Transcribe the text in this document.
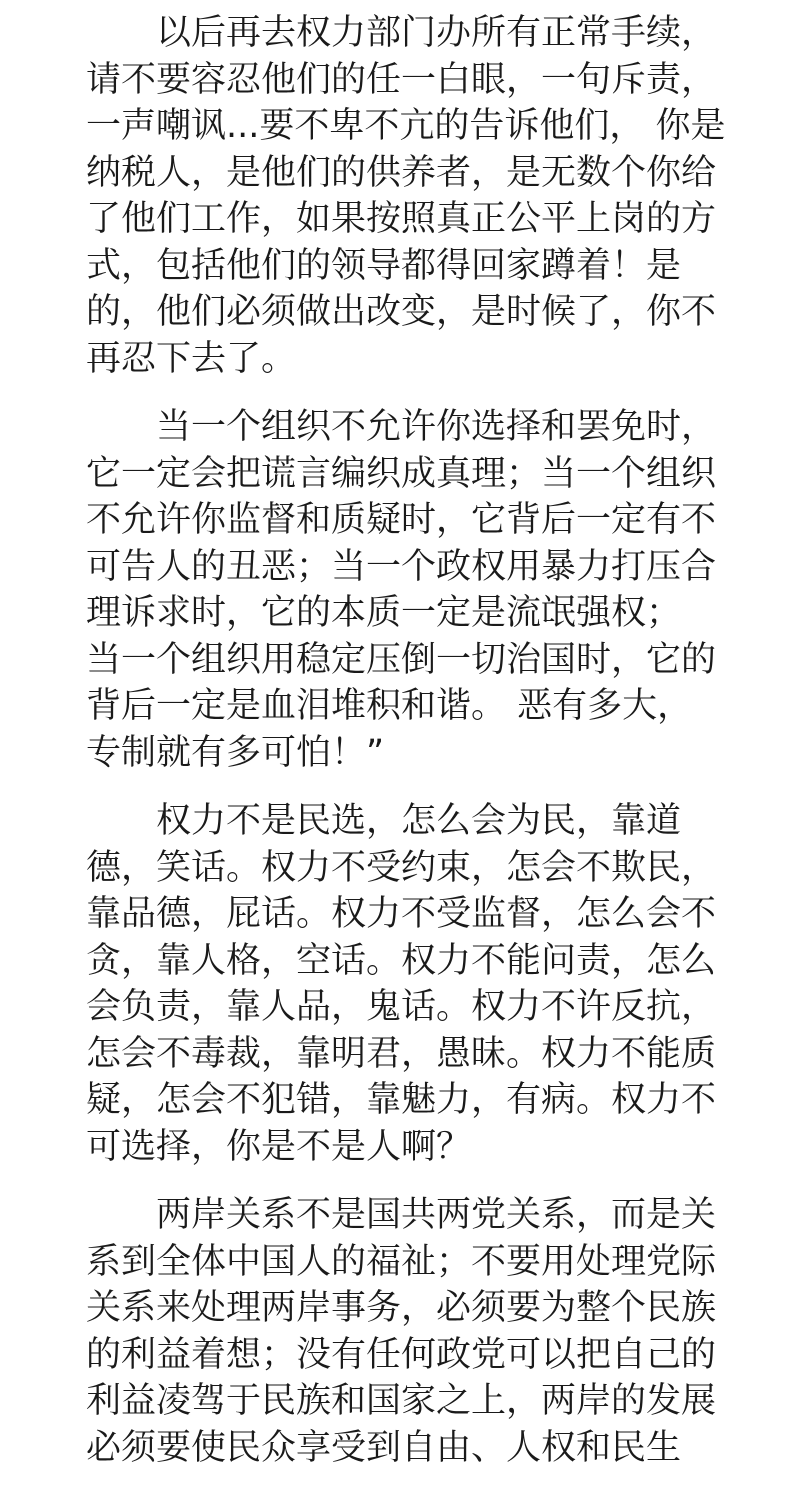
以后再去权力部门办所有正常手续，
请不要容忍他们的任一白眼，一句斥责，
一声嘲讽...要不卑不亢的告诉他们， 你是
纳税人，是他们的供养者，是无数个你给
了他们工作，如果按照真正公平上岗的方
式，包括他们的领导都得回家蹲着！是
的，他们必须做出改变，是时候了，你不
再忍下去了。
当一个组织不允许你选择和罢免时，
它一定会把谎言编织成真理；当一个组织
不允许你监督和质疑时，它背后一定有不
可告人的丑恶；当一个政权用暴力打压合
理诉求时，它的本质一定是流氓强权；
当一个组织用稳定压倒一切治国时，它的
背后一定是血泪堆积和谐。 恶有多大，
专制就有多可怕！”
权力不是民选，怎么会为民，靠道
德，笑话。权力不受约束，怎会不欺民，
靠品德，屁话。权力不受监督，怎么会不
贪，靠人格，空话。权力不能问责，怎么
会负责，靠人品，鬼话。权力不许反抗，
怎会不毒裁，靠明君，愚昧。权力不能质
疑，怎会不犯错，靠魅力，有病。权力不
可选择，你是不是人啊？
两岸关系不是国共两党关系，而是关
系到全体中国人的福祉；不要用处理党际
关系来处理两岸事务，必须要为整个民族
的利益着想；没有任何政党可以把自己的
利益凌驾于民族和国家之上，两岸的发展
必须要使民众享受到自由、人权和民生
